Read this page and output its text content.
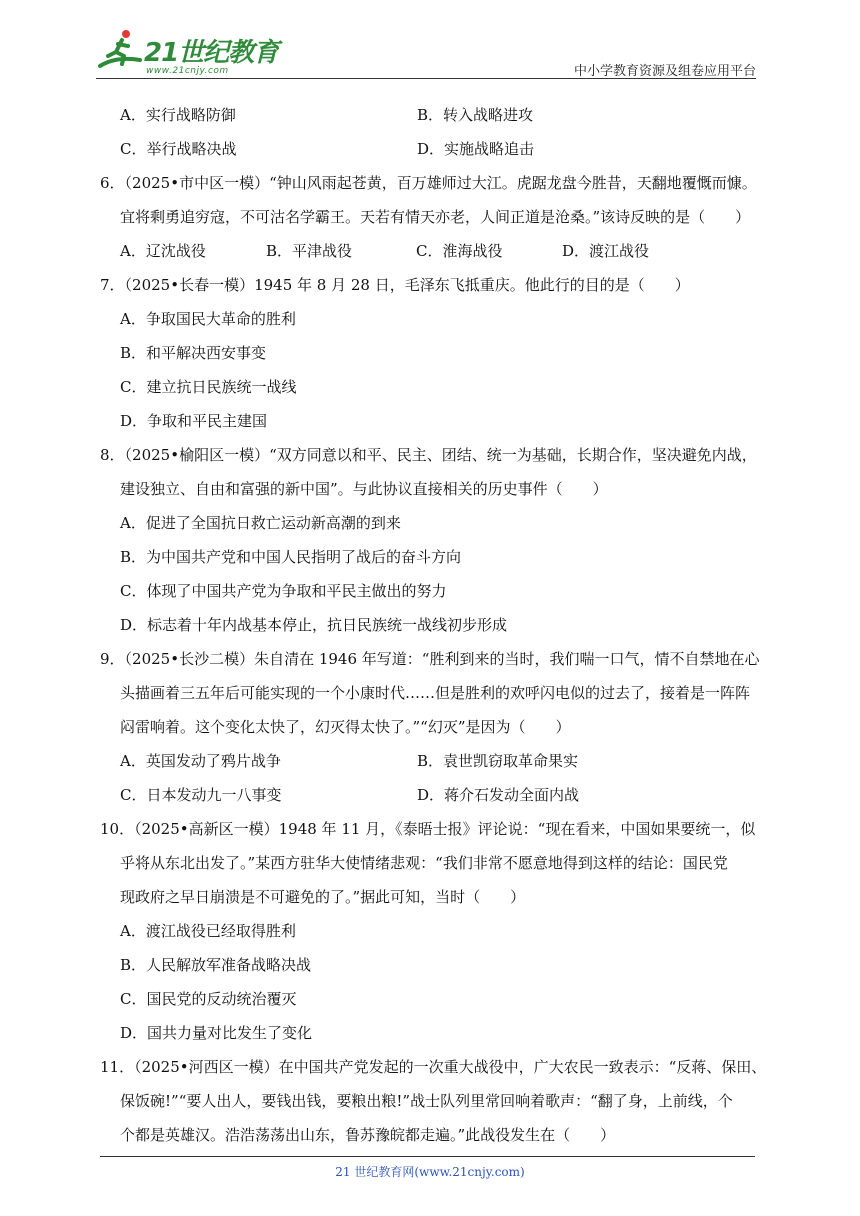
21世纪教育
www.21cnjy.com	中小学教育资源及组卷应用平台
A．实行战略防御	B．转入战略进攻
C．举行战略决战	D．实施战略追击
6．（2025•市中区一模）“钟山风雨起苍黄，百万雄师过大江。虎踞龙盘今胜昔，天翻地覆慨而慷。
宜将剩勇追穷寇，不可沽名学霸王。天若有情天亦老，人间正道是沧桑。”该诗反映的是（　　）
A．辽沈战役	B．平津战役	C．淮海战役	D．渡江战役
7．（2025•长春一模）1945 年 8 月 28 日，毛泽东飞抵重庆。他此行的目的是（　　）
A．争取国民大革命的胜利
B．和平解决西安事变
C．建立抗日民族统一战线
D．争取和平民主建国
8．（2025•榆阳区一模）“双方同意以和平、民主、团结、统一为基础，长期合作，坚决避免内战，
建设独立、自由和富强的新中国”。与此协议直接相关的历史事件（　　）
A．促进了全国抗日救亡运动新高潮的到来
B．为中国共产党和中国人民指明了战后的奋斗方向
C．体现了中国共产党为争取和平民主做出的努力
D．标志着十年内战基本停止，抗日民族统一战线初步形成
9．（2025•长沙二模）朱自清在 1946 年写道：“胜利到来的当时，我们喘一口气，情不自禁地在心
头描画着三五年后可能实现的一个小康时代……但是胜利的欢呼闪电似的过去了，接着是一阵阵
闷雷响着。这个变化太快了，幻灭得太快了。”“幻灭”是因为（　　）
A．英国发动了鸦片战争	B．袁世凯窃取革命果实
C．日本发动九一八事变	D．蒋介石发动全面内战
10．（2025•高新区一模）1948 年 11 月，《泰晤士报》评论说：“现在看来，中国如果要统一，似
乎将从东北出发了。”某西方驻华大使情绪悲观：“我们非常不愿意地得到这样的结论：国民党
现政府之早日崩溃是不可避免的了。”据此可知，当时（　　）
A．渡江战役已经取得胜利
B．人民解放军准备战略决战
C．国民党的反动统治覆灭
D．国共力量对比发生了变化
11．（2025•河西区一模）在中国共产党发起的一次重大战役中，广大农民一致表示：“反蒋、保田、
保饭碗!”“要人出人，要钱出钱，要粮出粮!”战士队列里常回响着歌声：“翻了身，上前线，个
个都是英雄汉。浩浩荡荡出山东，鲁苏豫皖都走遍。”此战役发生在（　　）
21 世纪教育网(www.21cnjy.com)
